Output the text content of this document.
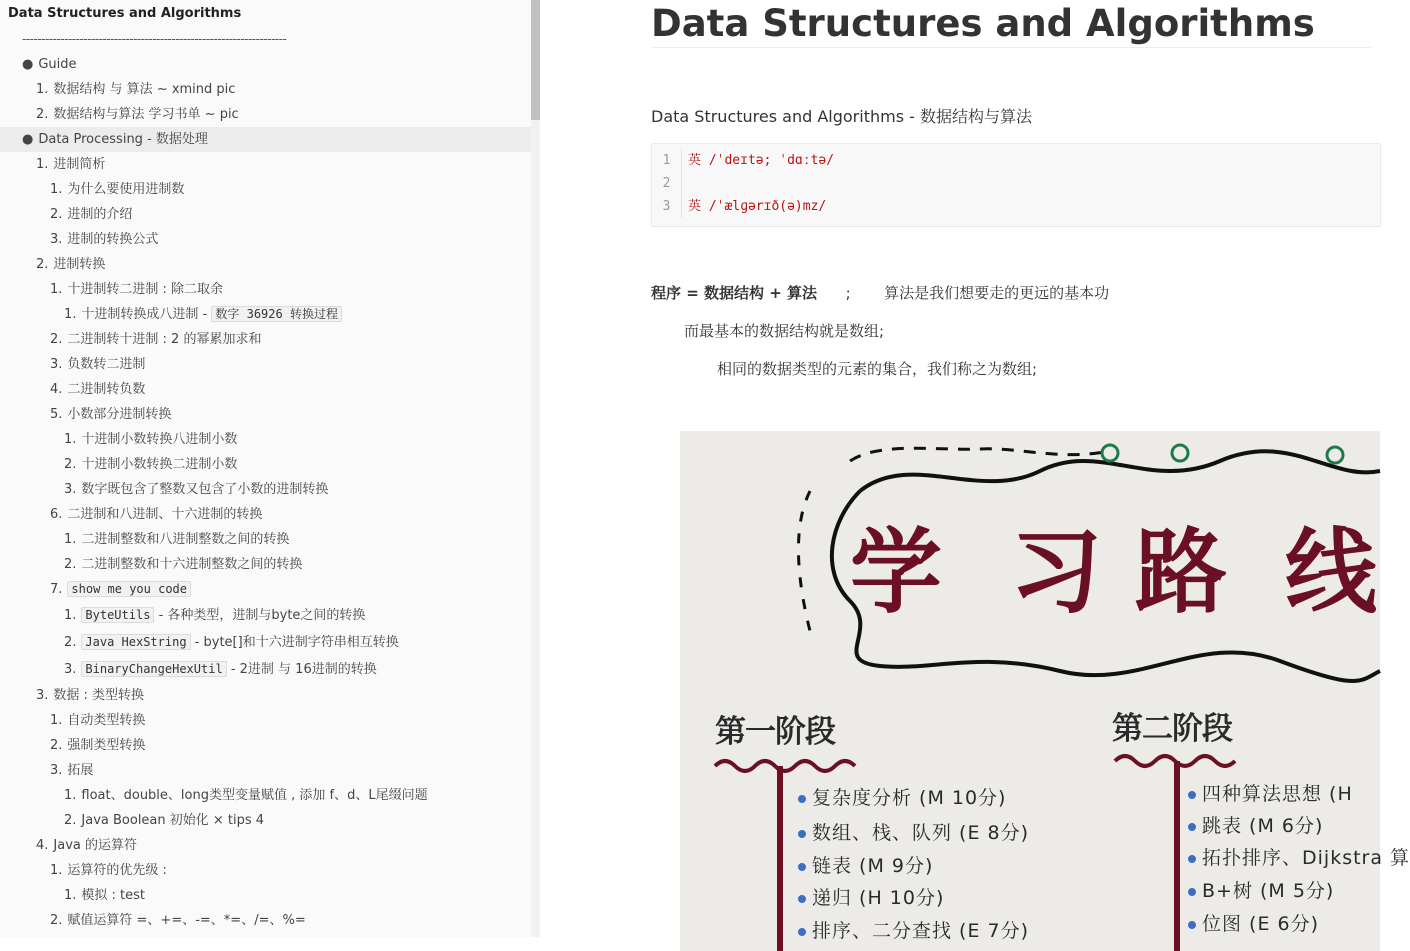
Data Structures and Algorithms
---------------------------------------------------------------------
● Guide
1. 数据结构 与 算法 ~ xmind pic
2. 数据结构与算法 学习书单 ~ pic
● Data Processing - 数据处理
1. 进制简析
1. 为什么要使用进制数
2. 进制的介绍
3. 进制的转换公式
2. 进制转换
1. 十进制转二进制 : 除二取余
1. 十进制转换成八进制 - 数字 36926 转换过程
2. 二进制转十进制 : 2 的幂累加求和
3. 负数转二进制
4. 二进制转负数
5. 小数部分进制转换
1. 十进制小数转换八进制小数
2. 十进制小数转换二进制小数
3. 数字既包含了整数又包含了小数的进制转换
6. 二进制和八进制、十六进制的转换
1. 二进制整数和八进制整数之间的转换
2. 二进制整数和十六进制整数之间的转换
7. show me you code
1. ByteUtils - 各种类型，进制与byte之间的转换
2. Java HexString - byte[]和十六进制字符串相互转换
3. BinaryChangeHexUtil - 2进制 与 16进制的转换
3. 数据 : 类型转换
1. 自动类型转换
2. 强制类型转换
3. 拓展
1. float、double、long类型变量赋值 , 添加 f、d、L尾缀问题
2. Java Boolean 初始化 × tips 4
4. Java 的运算符
1. 运算符的优先级 :
1. 模拟 : test
2. 赋值运算符 =、+=、-=、*=、/=、%=
Data Structures and Algorithms

Data Structures and Algorithms - 数据结构与算法

1 英 /ˈdeɪtə; ˈdɑːtə/
2
3 英 /ˈælɡərɪð(ə)mz/

程序 = 数据结构 + 算法      ;       算法是我们想要走的更远的基本功

而最基本的数据结构就是数组;

相同的数据类型的元素的集合，我们称之为数组;

学 习 路 线
第一阶段	第二阶段
复杂度分析 (M 10分)
数组、栈、队列 (E 8分)
链表 (M 9分)
递归 (H 10分)
排序、二分查找 (E 7分)
四种算法思想 (H
跳表 (M 6分)
拓扑排序、Dijkstra 算
B+树 (M 5分)
位图 (E 6分)
